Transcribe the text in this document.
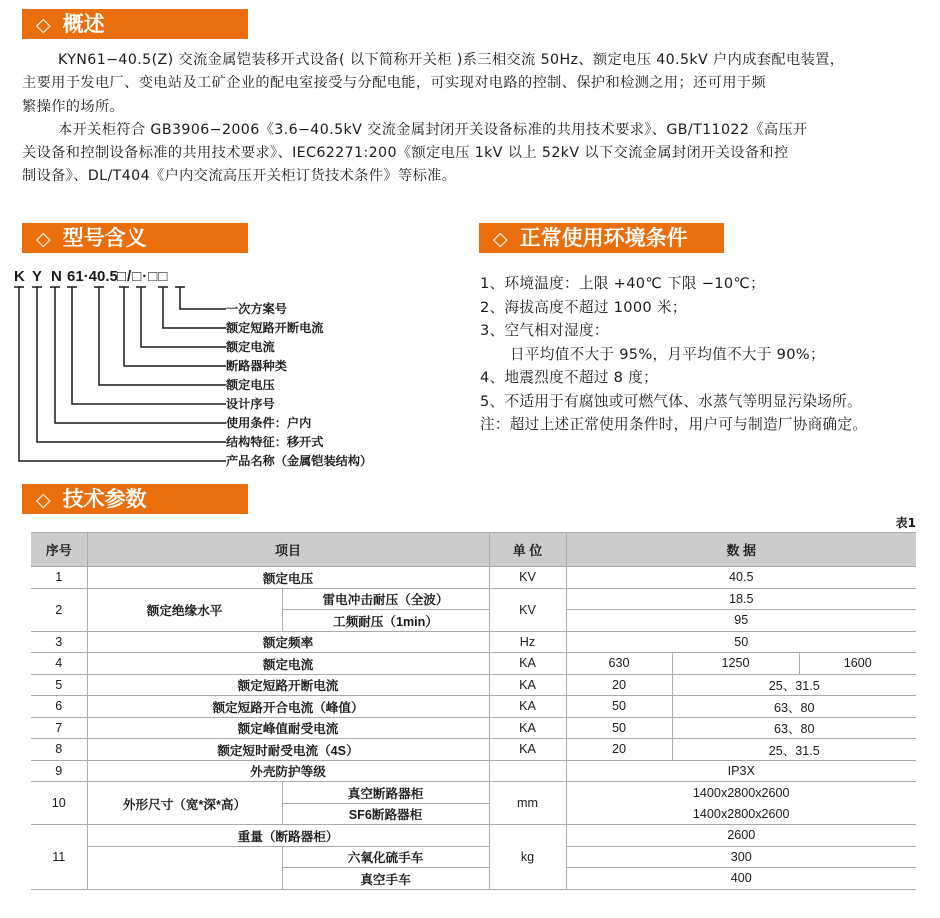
◇ 概述

KYN61−40.5(Z) 交流金属铠装移开式设备( 以下简称开关柜 )系三相交流 50Hz、额定电压 40.5kV 户内成套配电装置，

主要用于发电厂、变电站及工矿企业的配电室接受与分配电能，可实现对电路的控制、保护和检测之用；还可用于频

繁操作的场所。

本开关柜符合 GB3906−2006《3.6−40.5kV 交流金属封闭开关设备标准的共用技术要求》、GB/T11022《高压开

关设备和控制设备标准的共用技术要求》、IEC62271:200《额定电压 1kV 以上 52kV 以下交流金属封闭开关设备和控

制设备》、DL/T404《户内交流高压开关柜订货技术条件》等标准。

◇ 型号含义
K Y N 61·40.5 □/□·□□
一次方案号
额定短路开断电流
额定电流
断路器种类
额定电压
设计序号
使用条件：户内
结构特征：移开式
产品名称（金属铠装结构）
◇ 正常使用环境条件
1、环境温度：上限 +40℃ 下限 −10℃；
2、海拔高度不超过 1000 米；
3、空气相对湿度：
日平均值不大于 95%，月平均值不大于 90%；
4、地震烈度不超过 8 度；
5、不适用于有腐蚀或可燃气体、水蒸气等明显污染场所。
注：超过上述正常使用条件时，用户可与制造厂协商确定。
◇ 技术参数
表1
序号	项目		单 位	数 据		
1	额定电压		KV	40.5		
2	额定绝缘水平	雷电冲击耐压（全波）	KV	18.5		
		工频耐压（1min）		95		
3	额定频率		Hz	50		
4	额定电流		KA	630	1250	1600
5	额定短路开断电流		KA	20	25、31.5	
6	额定短路开合电流（峰值）		KA	50	63、80	
7	额定峰值耐受电流		KA	50	63、80	
8	额定短时耐受电流（4S）		KA	20	25、31.5	
9	外壳防护等级			IP3X		
10	外形尺寸（宽*深*高）	真空断路器柜	mm	1400x2800x2600		
		SF6断路器柜		1400x2800x2600		
11	重量（断路器柜）		kg	2600		
		六氧化硫手车		300		
		真空手车		400		
